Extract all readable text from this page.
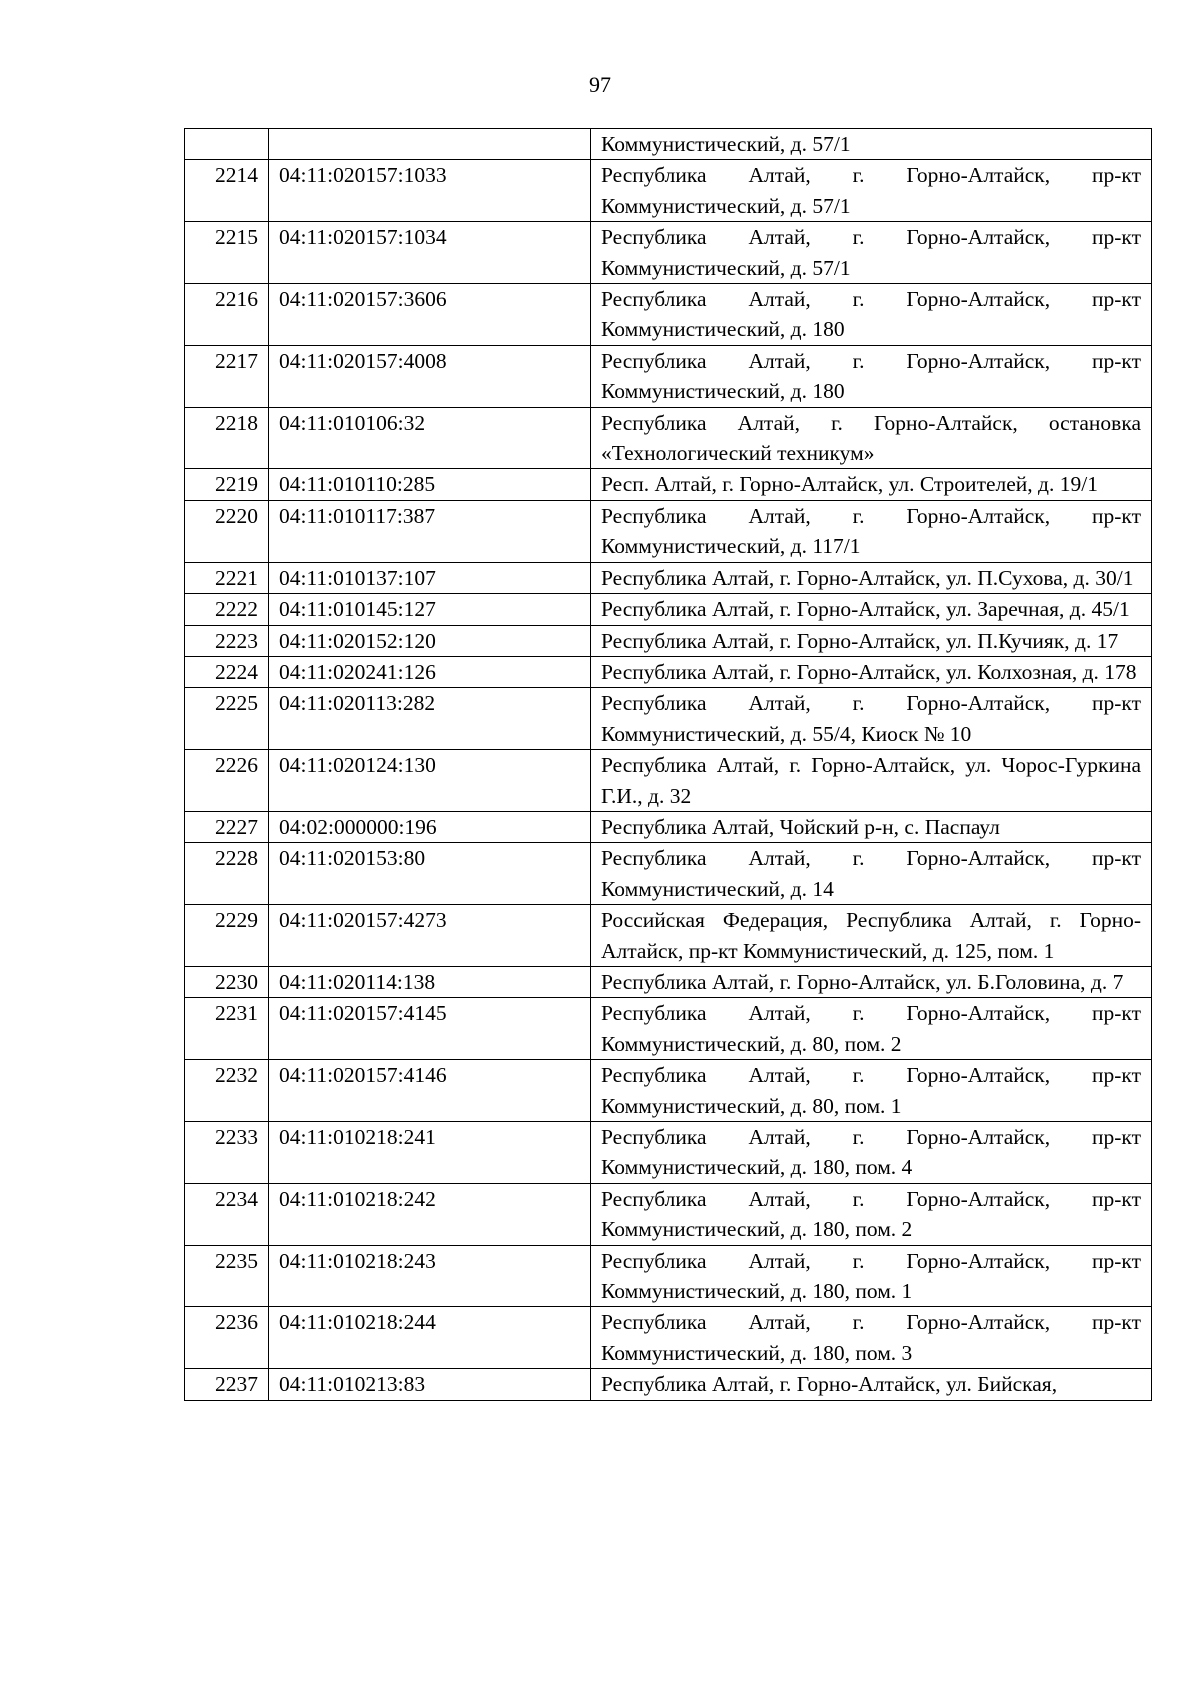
97
		Коммунистический, д. 57/1
2214	04:11:020157:1033	Республика Алтай, г. Горно-Алтайск, пр-кт Коммунистический, д. 57/1
2215	04:11:020157:1034	Республика Алтай, г. Горно-Алтайск, пр-кт Коммунистический, д. 57/1
2216	04:11:020157:3606	Республика Алтай, г. Горно-Алтайск, пр-кт Коммунистический, д. 180
2217	04:11:020157:4008	Республика Алтай, г. Горно-Алтайск, пр-кт Коммунистический, д. 180
2218	04:11:010106:32	Республика Алтай, г. Горно-Алтайск, остановка «Технологический техникум»
2219	04:11:010110:285	Респ. Алтай, г. Горно-Алтайск, ул. Строителей, д. 19/1
2220	04:11:010117:387	Республика Алтай, г. Горно-Алтайск, пр-кт Коммунистический, д. 117/1
2221	04:11:010137:107	Республика Алтай, г. Горно-Алтайск, ул. П.Сухова, д. 30/1
2222	04:11:010145:127	Республика Алтай, г. Горно-Алтайск, ул. Заречная, д. 45/1
2223	04:11:020152:120	Республика Алтай, г. Горно-Алтайск, ул. П.Кучияк, д. 17
2224	04:11:020241:126	Республика Алтай, г. Горно-Алтайск, ул. Колхозная, д. 178
2225	04:11:020113:282	Республика Алтай, г. Горно-Алтайск, пр-кт Коммунистический, д. 55/4, Киоск № 10
2226	04:11:020124:130	Республика Алтай, г. Горно-Алтайск, ул. Чорос-Гуркина Г.И., д. 32
2227	04:02:000000:196	Республика Алтай, Чойский р-н, с. Паспаул
2228	04:11:020153:80	Республика Алтай, г. Горно-Алтайск, пр-кт Коммунистический, д. 14
2229	04:11:020157:4273	Российская Федерация, Республика Алтай, г. Горно-Алтайск, пр-кт Коммунистический, д. 125, пом. 1
2230	04:11:020114:138	Республика Алтай, г. Горно-Алтайск, ул. Б.Головина, д. 7
2231	04:11:020157:4145	Республика Алтай, г. Горно-Алтайск, пр-кт Коммунистический, д. 80, пом. 2
2232	04:11:020157:4146	Республика Алтай, г. Горно-Алтайск, пр-кт Коммунистический, д. 80, пом. 1
2233	04:11:010218:241	Республика Алтай, г. Горно-Алтайск, пр-кт Коммунистический, д. 180, пом. 4
2234	04:11:010218:242	Республика Алтай, г. Горно-Алтайск, пр-кт Коммунистический, д. 180, пом. 2
2235	04:11:010218:243	Республика Алтай, г. Горно-Алтайск, пр-кт Коммунистический, д. 180, пом. 1
2236	04:11:010218:244	Республика Алтай, г. Горно-Алтайск, пр-кт Коммунистический, д. 180, пом. 3
2237	04:11:010213:83	Республика Алтай, г. Горно-Алтайск, ул. Бийская,
